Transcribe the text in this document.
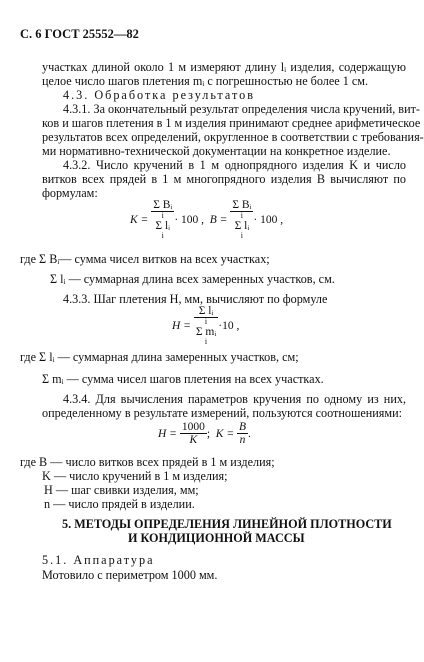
С. 6 ГОСТ 25552—82
участках длиной около 1 м измеряют длину lᵢ изделия, содержащую
целое число шагов плетения mᵢ с погрешностью не более 1 см.
4.3. Обработка результатов
4.3.1. За окончательный результат определения числа кручений, вит-
ков и шагов плетения в 1 м изделия принимают среднее арифметическое
результатов всех определений, округленное в соответствии с требования-
ми нормативно-технической документации на конкретное изделие.
4.3.2. Число кручений в 1 м однопрядного изделия K и число
витков всех прядей в 1 м многопрядного изделия B вычисляют по
формулам:
K =

Σ Bᵢ
i
Σ lᵢ
i
· 100 ,
B =

Σ Bᵢ
i
Σ lᵢ
i
· 100 ,
где Σ Bᵢ— сумма чисел витков на всех участках;
Σ lᵢ — суммарная длина всех замеренных участков, см.
4.3.3. Шаг плетения H, мм, вычисляют по формуле
H =

Σ lᵢ
i
Σ mᵢ
i
·10 ,
где Σ lᵢ — суммарная длина замеренных участков, см;
Σ mᵢ — сумма чисел шагов плетения на всех участках.
4.3.4. Для вычисления параметров кручения по одному из них,
определенному в результате измерений, пользуются соотношениями:
H =
$\frac{1000}{K}$ ;
K =
$\frac{B}{n}$ .
где B — число витков всех прядей в 1 м изделия;
K — число кручений в 1 м изделия;
H — шаг свивки изделия, мм;
n — число прядей в изделии.
5. МЕТОДЫ ОПРЕДЕЛЕНИЯ ЛИНЕЙНОЙ ПЛОТНОСТИ
И КОНДИЦИОННОЙ МАССЫ
5.1. Аппаратура
Мотовило с периметром 1000 мм.
